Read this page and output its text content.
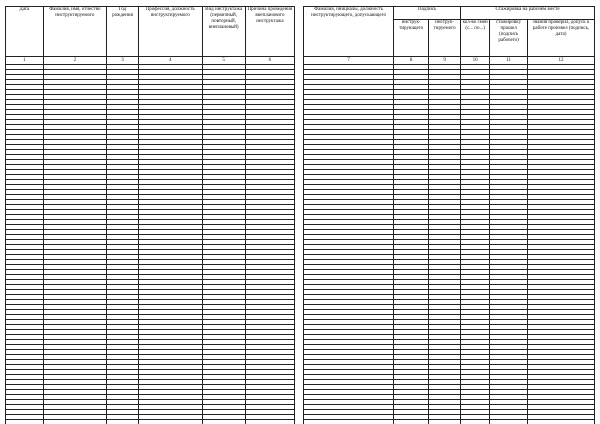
Дата	Фамилия, имя, отчество инструктируемого	Год рождения	Профессия, должность инструктируемого	Вид инструктажа (первичный, повторный, внеплановый)	Причина проведения внепланового инструктажа
1	2	3	4	5	6

Фамилия, инициалы, должность инструктирующего, допускающего	Подпись		Стажировка на рабочем месте		
	инструк-тирующего	инструк-тируемого	кол-во смен (с... по...)	стажировку прошел (подпись рабочего)	знания проверил, допуск к работе произвел (подпись, дата)
7	8	9	10	11	12
